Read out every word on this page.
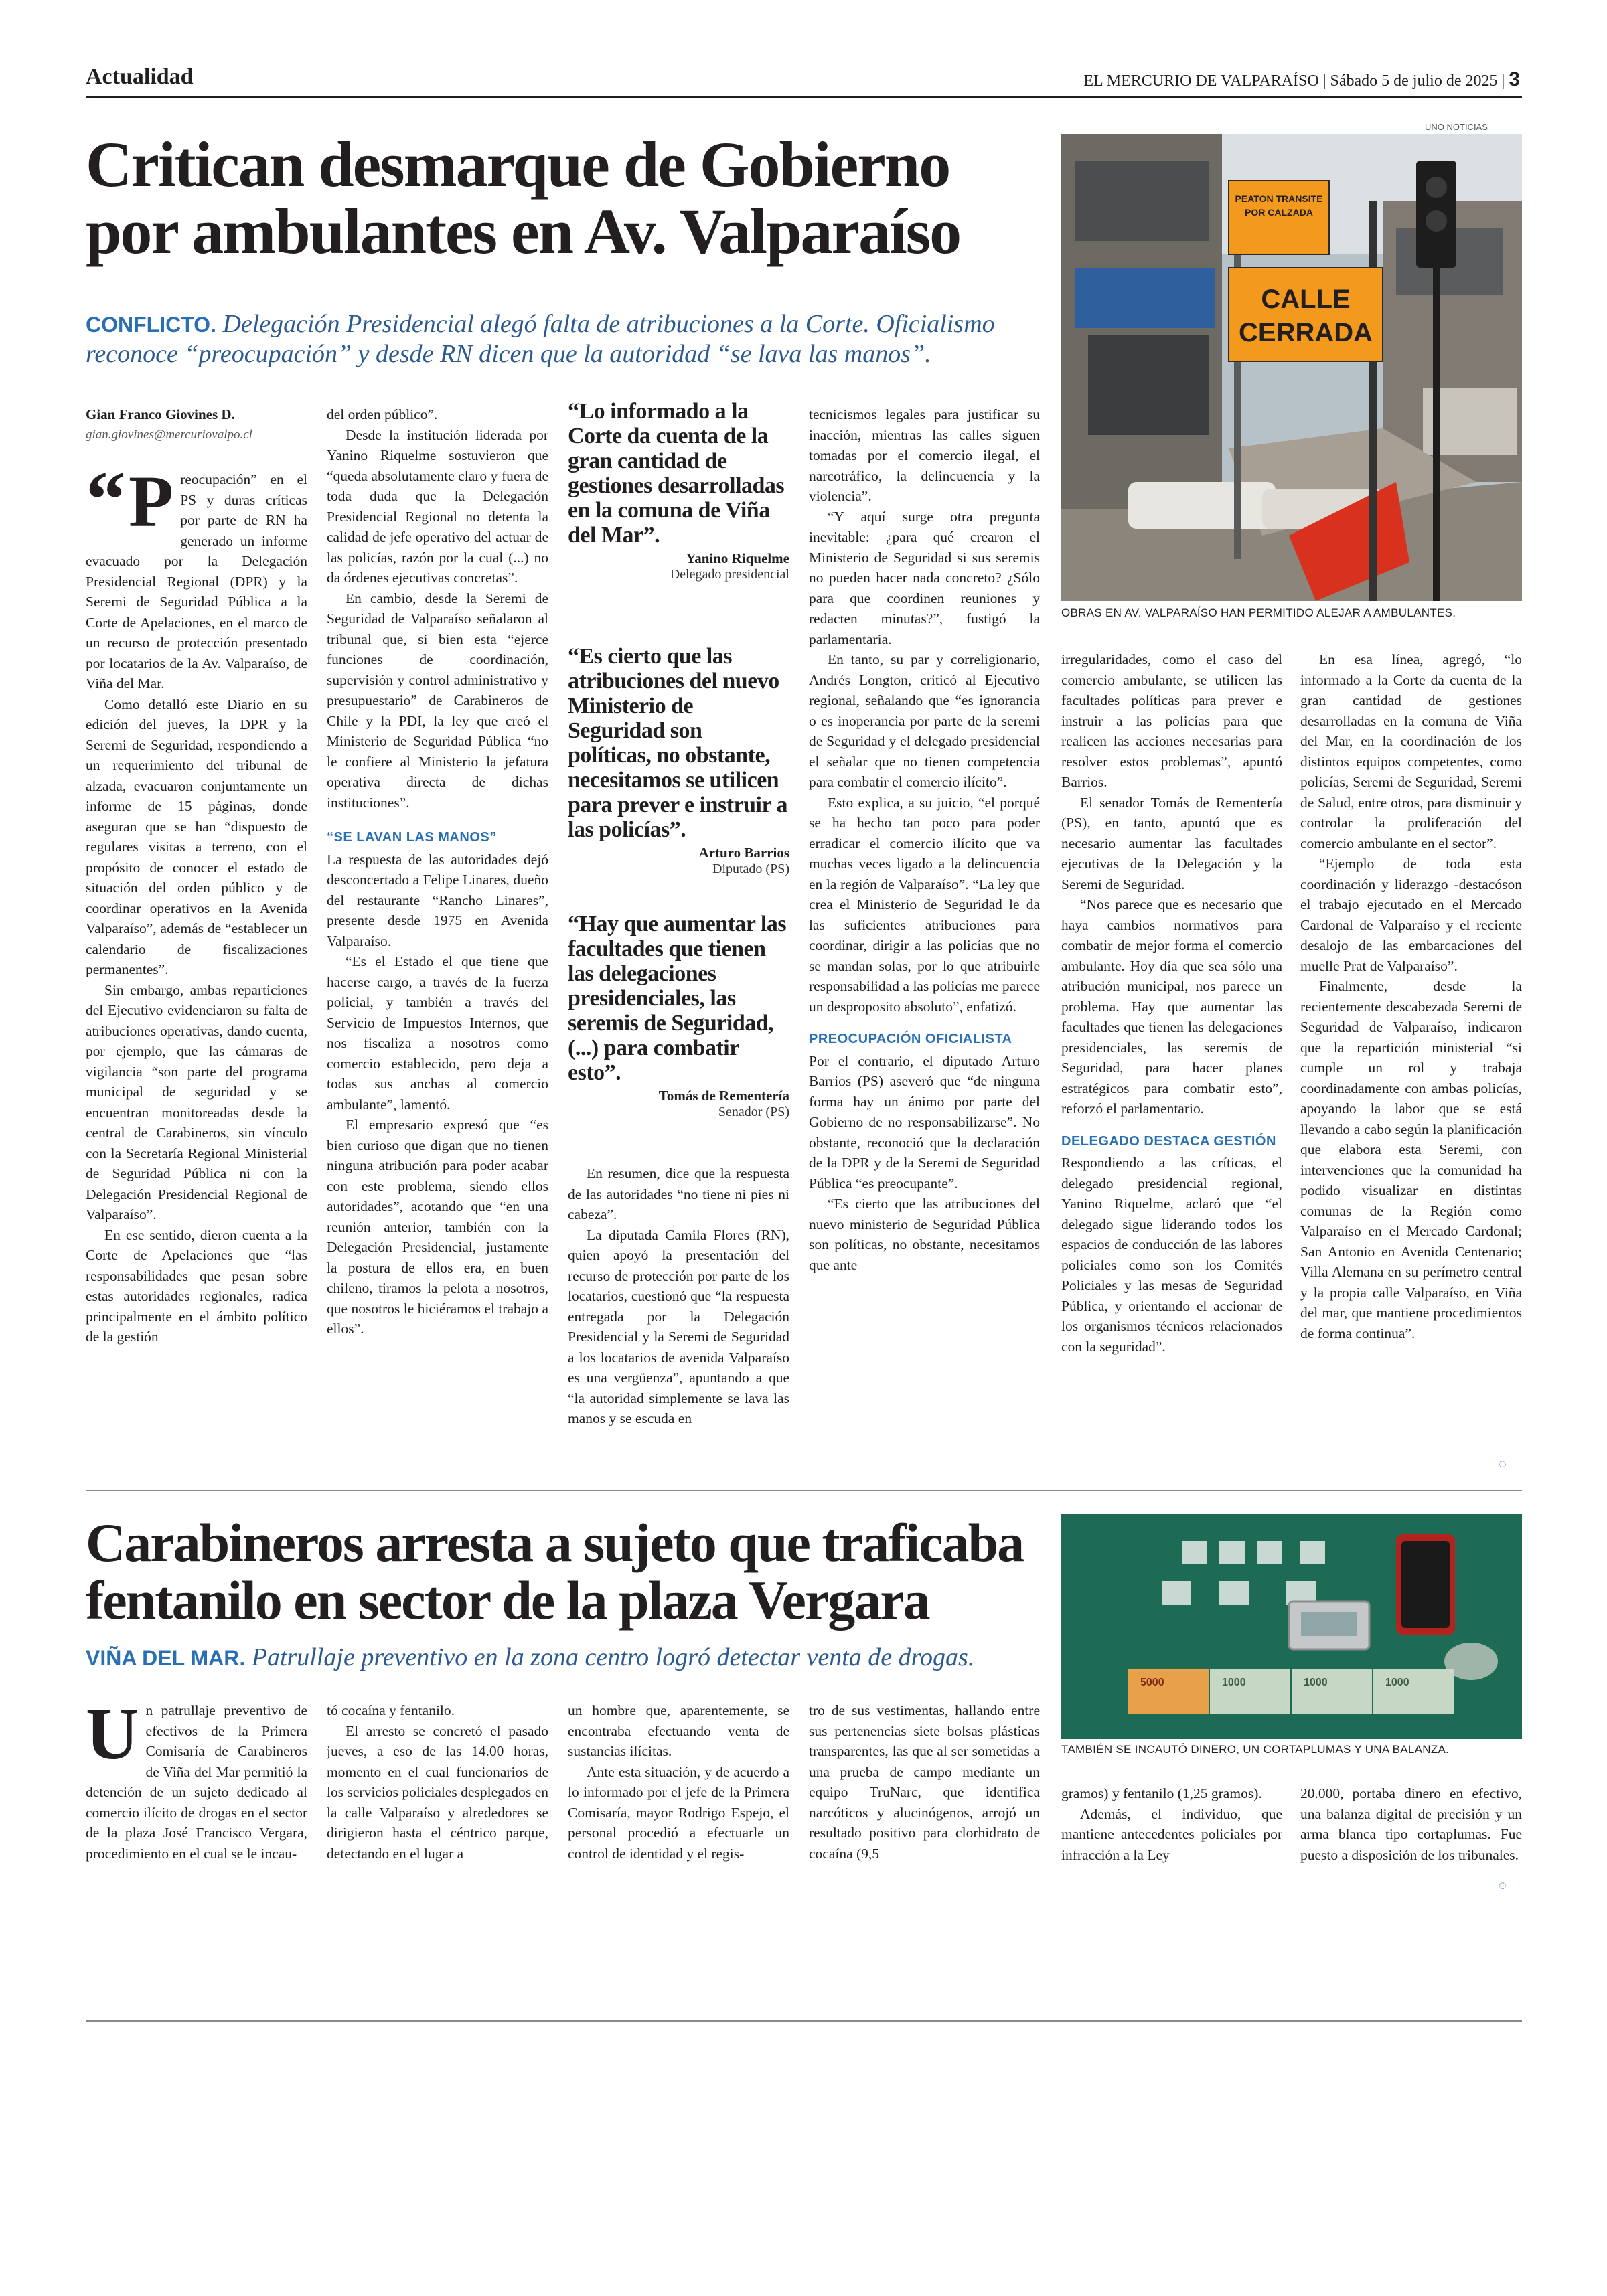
Actualidad	EL MERCURIO DE VALPARAÍSO | Sábado 5 de julio de 2025 | 3
Critican desmarque de Gobierno
por ambulantes en Av. Valparaíso
CONFLICTO. Delegación Presidencial alegó falta de atribuciones a la Corte. Oficialismo reconoce “preocupación” y desde RN dicen que la autoridad “se lava las manos”.
UNO NOTICIAS
PEATON TRANSITE
POR CALZADA
CALLE
CERRADA
OBRAS EN AV. VALPARAÍSO HAN PERMITIDO ALEJAR A AMBULANTES.
Gian Franco Giovines D.
gian.giovines@mercuriovalpo.cl
“ P reocupación” en el PS y duras críticas por parte de RN ha generado un informe evacuado por la Delegación Presidencial Regional (DPR) y la Seremi de Seguridad Pública a la Corte de Apelaciones, en el marco de un recurso de protección presentado por locatarios de la Av. Valparaíso, de Viña del Mar.

Como detalló este Diario en su edición del jueves, la DPR y la Seremi de Seguridad, respondiendo a un requerimiento del tribunal de alzada, evacuaron conjuntamente un informe de 15 páginas, donde aseguran que se han “dispuesto de regulares visitas a terreno, con el propósito de conocer el estado de situación del orden público y de coordinar operativos en la Avenida Valparaíso”, además de “establecer un calendario de fiscalizaciones permanentes”.

Sin embargo, ambas reparticiones del Ejecutivo evidenciaron su falta de atribuciones operativas, dando cuenta, por ejemplo, que las cámaras de vigilancia “son parte del programa municipal de seguridad y se encuentran monitoreadas desde la central de Carabineros, sin vínculo con la Secretaría Regional Ministerial de Seguridad Pública ni con la Delegación Presidencial Regional de Valparaíso”.

En ese sentido, dieron cuenta a la Corte de Apelaciones que “las responsabilidades que pesan sobre estas autoridades regionales, radica principalmente en el ámbito político de la gestión

del orden público”.

Desde la institución liderada por Yanino Riquelme sostuvieron que “queda absolutamente claro y fuera de toda duda que la Delegación Presidencial Regional no detenta la calidad de jefe operativo del actuar de las policías, razón por la cual (...) no da órdenes ejecutivas concretas”.

En cambio, desde la Seremi de Seguridad de Valparaíso señalaron al tribunal que, si bien esta “ejerce funciones de coordinación, supervisión y control administrativo y presupuestario” de Carabineros de Chile y la PDI, la ley que creó el Ministerio de Seguridad Pública “no le confiere al Ministerio la jefatura operativa directa de dichas instituciones”.

“SE LAVAN LAS MANOS”

La respuesta de las autoridades dejó desconcertado a Felipe Linares, dueño del restaurante “Rancho Linares”, presente desde 1975 en Avenida Valparaíso.

“Es el Estado el que tiene que hacerse cargo, a través de la fuerza policial, y también a través del Servicio de Impuestos Internos, que nos fiscaliza a nosotros como comercio establecido, pero deja a todas sus anchas al comercio ambulante”, lamentó.

El empresario expresó que “es bien curioso que digan que no tienen ninguna atribución para poder acabar con este problema, siendo ellos autoridades”, acotando que “en una reunión anterior, también con la Delegación Presidencial, justamente la postura de ellos era, en buen chileno, tiramos la pelota a nosotros, que nosotros le hiciéramos el trabajo a ellos”.

“Lo informado a la Corte da cuenta de la gran cantidad de gestiones desarrolladas en la comuna de Viña del Mar”.
Yanino Riquelme
Delegado presidencial
“Es cierto que las atribuciones del nuevo Ministerio de Seguridad son políticas, no obstante, necesitamos se utilicen para prever e instruir a las policías”.
Arturo Barrios
Diputado (PS)
“Hay que aumentar las facultades que tienen las delegaciones presidenciales, las seremis de Seguridad, (...) para combatir esto”.
Tomás de Rementería
Senador (PS)

En resumen, dice que la respuesta de las autoridades “no tiene ni pies ni cabeza”.

La diputada Camila Flores (RN), quien apoyó la presentación del recurso de protección por parte de los locatarios, cuestionó que “la respuesta entregada por la Delegación Presidencial y la Seremi de Seguridad a los locatarios de avenida Valparaíso es una vergüenza”, apuntando a que “la autoridad simplemente se lava las manos y se escuda en

tecnicismos legales para justificar su inacción, mientras las calles siguen tomadas por el comercio ilegal, el narcotráfico, la delincuencia y la violencia”.

“Y aquí surge otra pregunta inevitable: ¿para qué crearon el Ministerio de Seguridad si sus seremis no pueden hacer nada concreto? ¿Sólo para que coordinen reuniones y redacten minutas?”, fustigó la parlamentaria.

En tanto, su par y correligionario, Andrés Longton, criticó al Ejecutivo regional, señalando que “es ignorancia o es inoperancia por parte de la seremi de Seguridad y el delegado presidencial el señalar que no tienen competencia para combatir el comercio ilícito”.

Esto explica, a su juicio, “el porqué se ha hecho tan poco para poder erradicar el comercio ilícito que va muchas veces ligado a la delincuencia en la región de Valparaíso”. “La ley que crea el Ministerio de Seguridad le da las suficientes atribuciones para coordinar, dirigir a las policías que no se mandan solas, por lo que atribuirle responsabilidad a las policías me parece un desproposito absoluto”, enfatizó.

PREOCUPACIÓN OFICIALISTA

Por el contrario, el diputado Arturo Barrios (PS) aseveró que “de ninguna forma hay un ánimo por parte del Gobierno de no responsabilizarse”. No obstante, reconoció que la declaración de la DPR y de la Seremi de Seguridad Pública “es preocupante”.

“Es cierto que las atribuciones del nuevo ministerio de Seguridad Pública son políticas, no obstante, necesitamos que ante

irregularidades, como el caso del comercio ambulante, se utilicen las facultades políticas para prever e instruir a las policías para que realicen las acciones necesarias para resolver estos problemas”, apuntó Barrios.

El senador Tomás de Rementería (PS), en tanto, apuntó que es necesario aumentar las facultades ejecutivas de la Delegación y la Seremi de Seguridad.

“Nos parece que es necesario que haya cambios normativos para combatir de mejor forma el comercio ambulante. Hoy día que sea sólo una atribución municipal, nos parece un problema. Hay que aumentar las facultades que tienen las delegaciones presidenciales, las seremis de Seguridad, para hacer planes estratégicos para combatir esto”, reforzó el parlamentario.

DELEGADO DESTACA GESTIÓN

Respondiendo a las críticas, el delegado presidencial regional, Yanino Riquelme, aclaró que “el delegado sigue liderando todos los espacios de conducción de las labores policiales como son los Comités Policiales y las mesas de Seguridad Pública, y orientando el accionar de los organismos técnicos relacionados con la seguridad”.

En esa línea, agregó, “lo informado a la Corte da cuenta de la gran cantidad de gestiones desarrolladas en la comuna de Viña del Mar, en la coordinación de los distintos equipos competentes, como policías, Seremi de Seguridad, Seremi de Salud, entre otros, para disminuir y controlar la proliferación del comercio ambulante en el sector”.

“Ejemplo de toda esta coordinación y liderazgo -destacóson el trabajo ejecutado en el Mercado Cardonal de Valparaíso y el reciente desalojo de las embarcaciones del muelle Prat de Valparaíso”.

Finalmente, desde la recientemente descabezada Seremi de Seguridad de Valparaíso, indicaron que la repartición ministerial “si cumple un rol y trabaja coordinadamente con ambas policías, apoyando la labor que se está llevando a cabo según la planificación que elabora esta Seremi, con intervenciones que la comunidad ha podido visualizar en distintas comunas de la Región como Valparaíso en el Mercado Cardonal; San Antonio en Avenida Centenario; Villa Alemana en su perímetro central y la propia calle Valparaíso, en Viña del mar, que mantiene procedimientos de forma continua”.

◌
Carabineros arresta a sujeto que traficaba
fentanilo en sector de la plaza Vergara
VIÑA DEL MAR. Patrullaje preventivo en la zona centro logró detectar venta de drogas.
5000	1000	1000	1000
TAMBIÉN SE INCAUTÓ DINERO, UN CORTAPLUMAS Y UNA BALANZA.
U n patrullaje preventivo de efectivos de la Primera Comisaría de Carabineros de Viña del Mar permitió la detención de un sujeto dedicado al comercio ilícito de drogas en el sector de la plaza José Francisco Vergara, procedimiento en el cual se le incau-

tó cocaína y fentanilo.

El arresto se concretó el pasado jueves, a eso de las 14.00 horas, momento en el cual funcionarios de los servicios policiales desplegados en la calle Valparaíso y alrededores se dirigieron hasta el céntrico parque, detectando en el lugar a

un hombre que, aparentemente, se encontraba efectuando venta de sustancias ilícitas.

Ante esta situación, y de acuerdo a lo informado por el jefe de la Primera Comisaría, mayor Rodrigo Espejo, el personal procedió a efectuarle un control de identidad y el regis-

tro de sus vestimentas, hallando entre sus pertenencias siete bolsas plásticas transparentes, las que al ser sometidas a una prueba de campo mediante un equipo TruNarc, que identifica narcóticos y alucinógenos, arrojó un resultado positivo para clorhidrato de cocaína (9,5

gramos) y fentanilo (1,25 gramos).

Además, el individuo, que mantiene antecedentes policiales por infracción a la Ley

20.000, portaba dinero en efectivo, una balanza digital de precisión y un arma blanca tipo cortaplumas. Fue puesto a disposición de los tribunales.

◌
